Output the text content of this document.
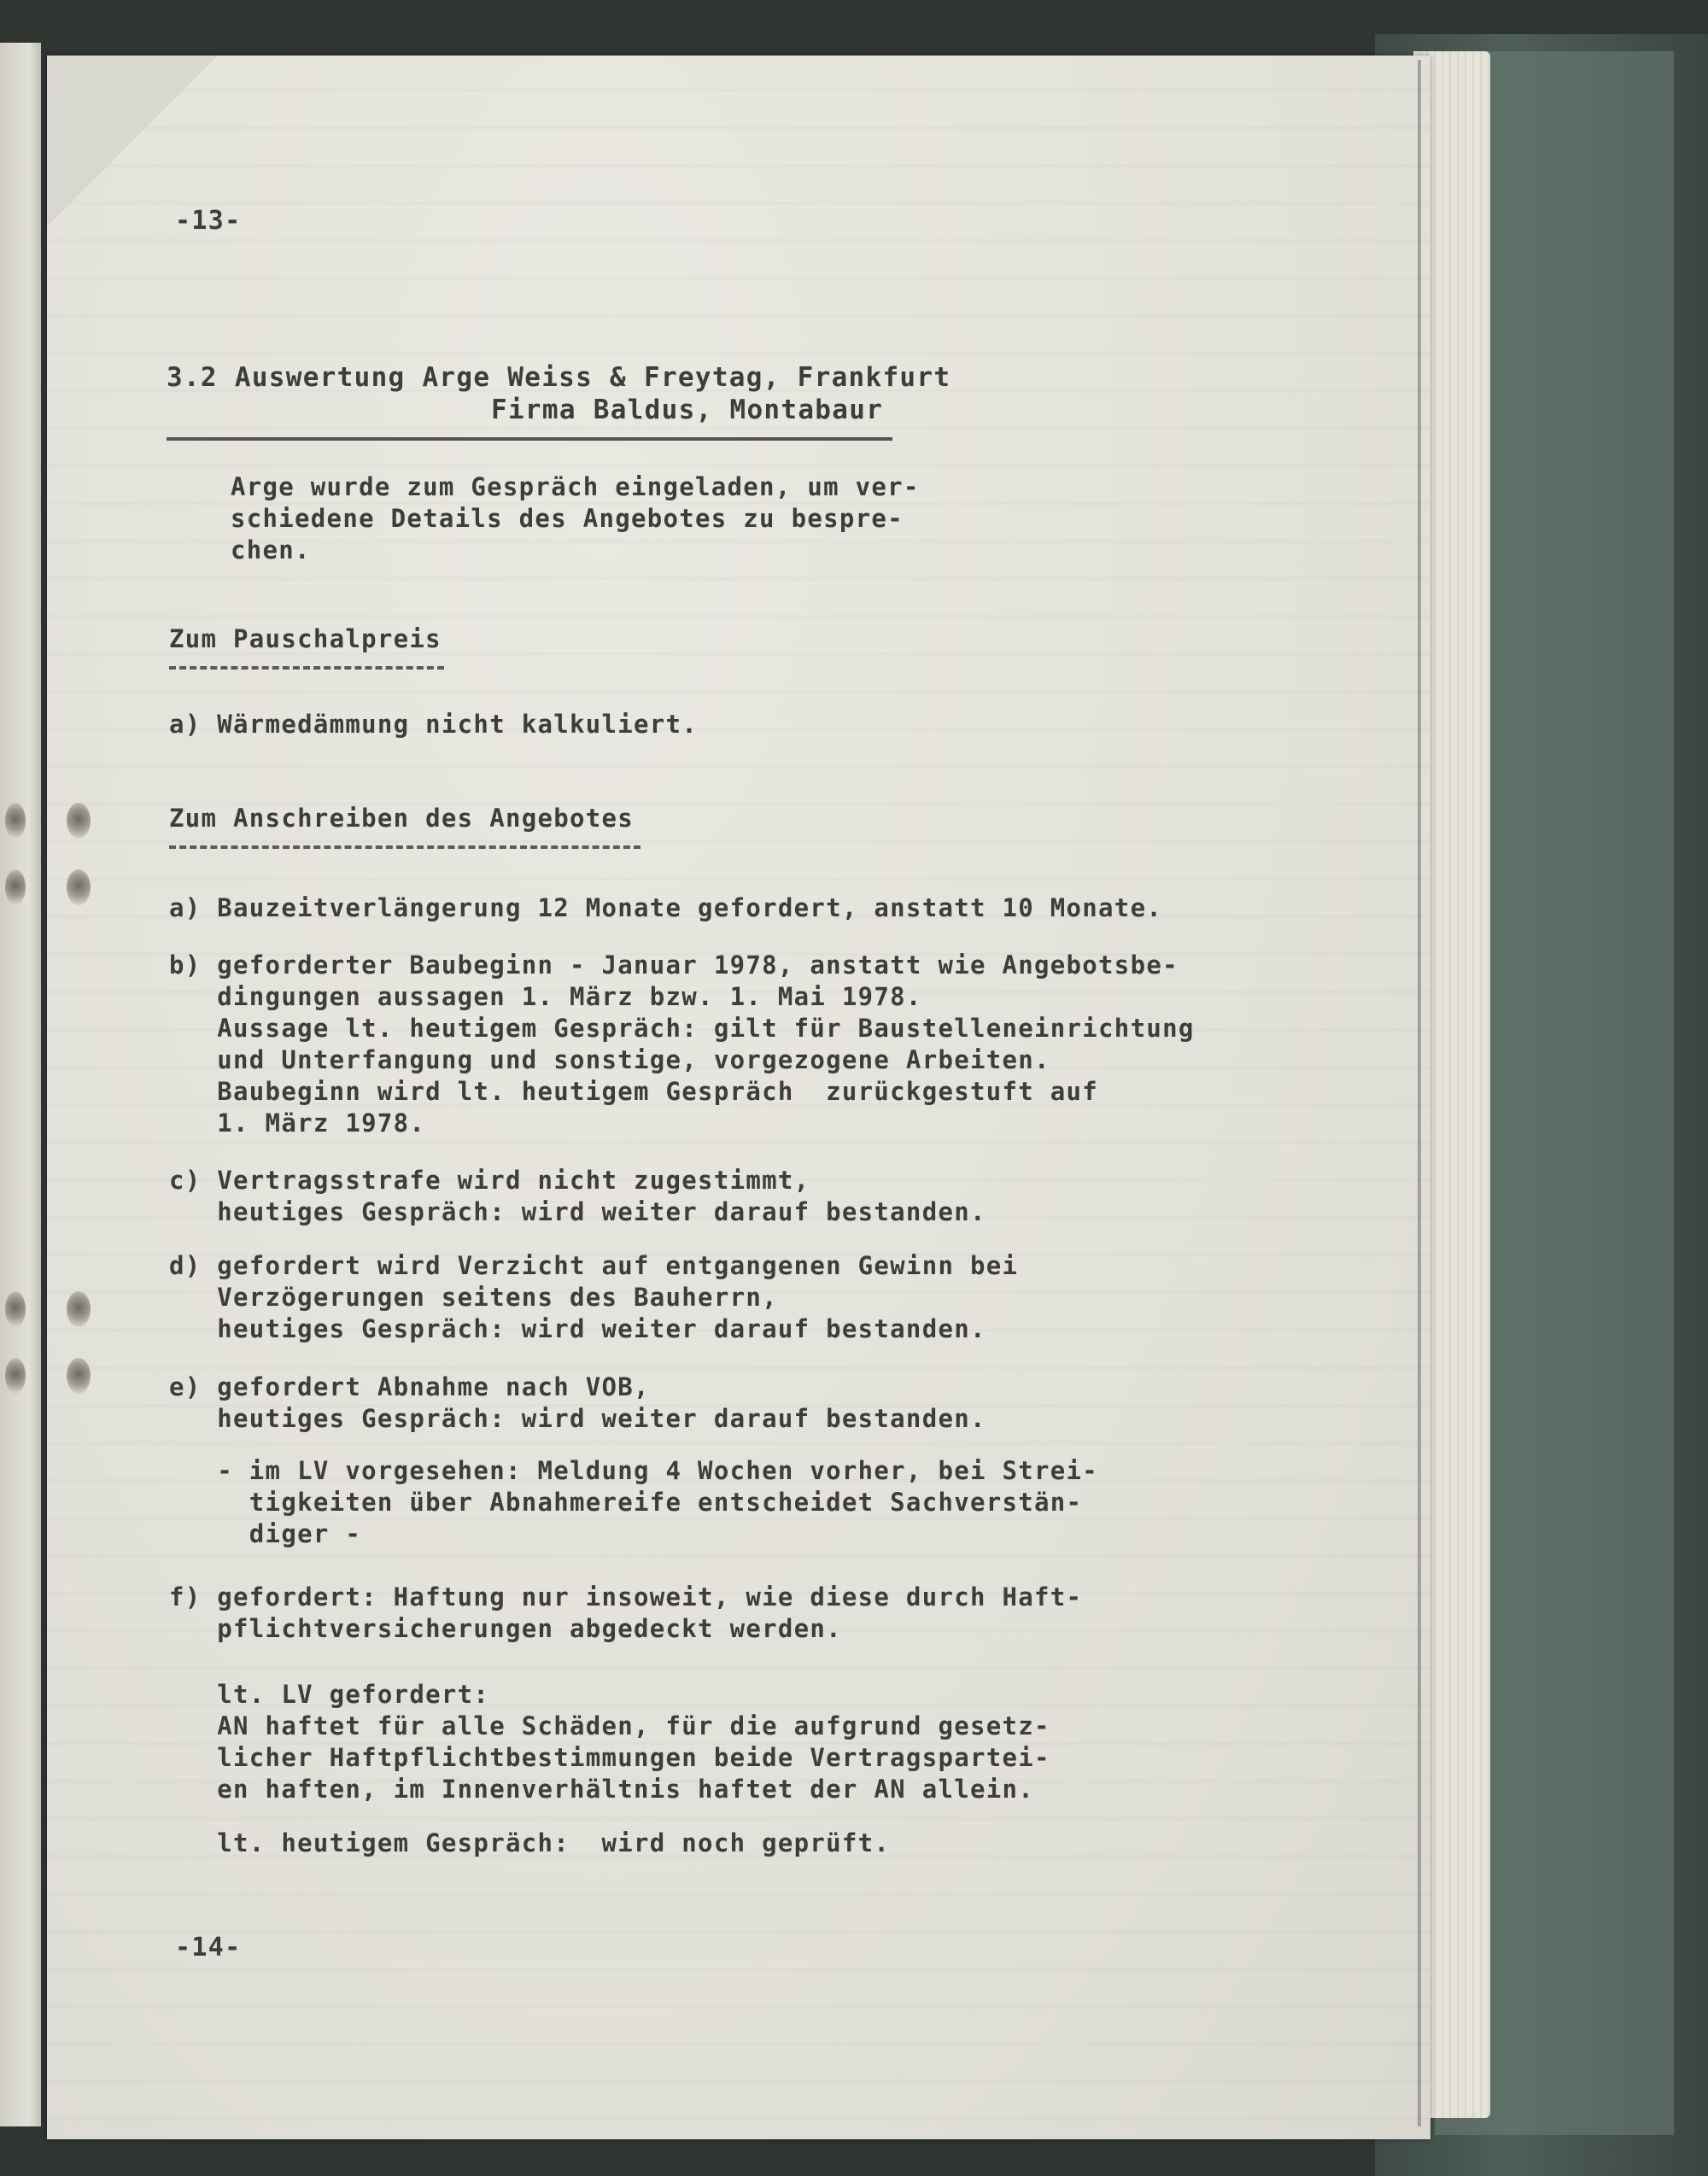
-13-
3.2 Auswertung Arge Weiss & Freytag, Frankfurt
Firma Baldus, Montabaur
Arge wurde zum Gespräch eingeladen, um ver-
schiedene Details des Angebotes zu bespre-
chen.
Zum Pauschalpreis
a) Wärmedämmung nicht kalkuliert.
Zum Anschreiben des Angebotes
a) Bauzeitverlängerung 12 Monate gefordert, anstatt 10 Monate.
b) geforderter Baubeginn - Januar 1978, anstatt wie Angebotsbe-
dingungen aussagen 1. März bzw. 1. Mai 1978.
Aussage lt. heutigem Gespräch: gilt für Baustelleneinrichtung
und Unterfangung und sonstige, vorgezogene Arbeiten.
Baubeginn wird lt. heutigem Gespräch  zurückgestuft auf
1. März 1978.
c) Vertragsstrafe wird nicht zugestimmt,
heutiges Gespräch: wird weiter darauf bestanden.
d) gefordert wird Verzicht auf entgangenen Gewinn bei
Verzögerungen seitens des Bauherrn,
heutiges Gespräch: wird weiter darauf bestanden.
e) gefordert Abnahme nach VOB,
heutiges Gespräch: wird weiter darauf bestanden.
- im LV vorgesehen: Meldung 4 Wochen vorher, bei Strei-
tigkeiten über Abnahmereife entscheidet Sachverstän-
diger -
f) gefordert: Haftung nur insoweit, wie diese durch Haft-
pflichtversicherungen abgedeckt werden.
lt. LV gefordert:
AN haftet für alle Schäden, für die aufgrund gesetz-
licher Haftpflichtbestimmungen beide Vertragspartei-
en haften, im Innenverhältnis haftet der AN allein.
lt. heutigem Gespräch:  wird noch geprüft.
-14-
